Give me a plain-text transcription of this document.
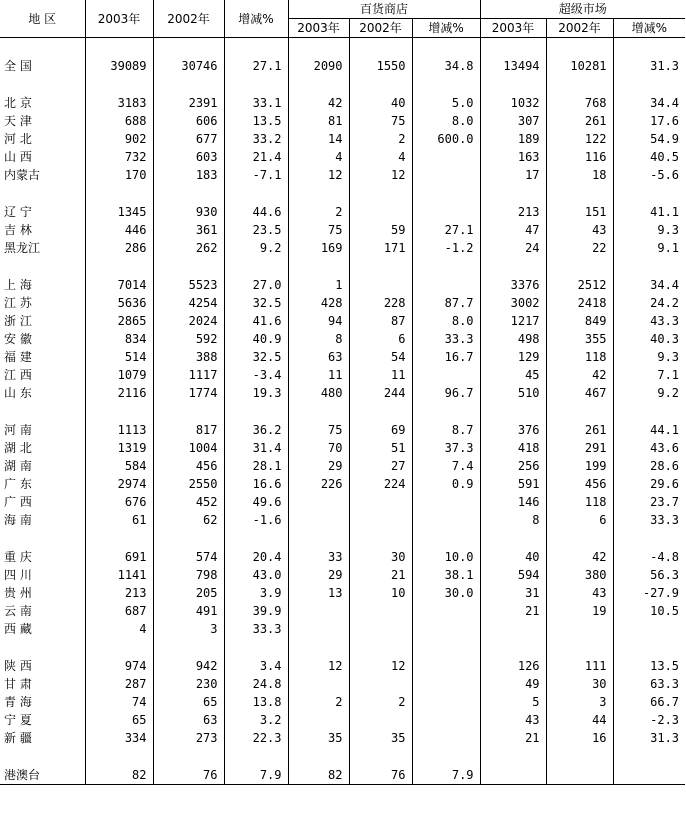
地 区	2003年	2002年	增减%	百货商店			超级市场		
				2003年	2002年	增减%	2003年	2002年	增减%

全 国	39089	30746	27.1	2090	1550	34.8	13494	10281	31.3

北 京	3183	2391	33.1	42	40	5.0	1032	768	34.4
天 津	688	606	13.5	81	75	8.0	307	261	17.6
河 北	902	677	33.2	14	2	600.0	189	122	54.9
山 西	732	603	21.4	4	4		163	116	40.5
内蒙古	170	183	-7.1	12	12		17	18	-5.6

辽 宁	1345	930	44.6	2			213	151	41.1
吉 林	446	361	23.5	75	59	27.1	47	43	9.3
黑龙江	286	262	9.2	169	171	-1.2	24	22	9.1

上 海	7014	5523	27.0	1			3376	2512	34.4
江 苏	5636	4254	32.5	428	228	87.7	3002	2418	24.2
浙 江	2865	2024	41.6	94	87	8.0	1217	849	43.3
安 徽	834	592	40.9	8	6	33.3	498	355	40.3
福 建	514	388	32.5	63	54	16.7	129	118	9.3
江 西	1079	1117	-3.4	11	11		45	42	7.1
山 东	2116	1774	19.3	480	244	96.7	510	467	9.2

河 南	1113	817	36.2	75	69	8.7	376	261	44.1
湖 北	1319	1004	31.4	70	51	37.3	418	291	43.6
湖 南	584	456	28.1	29	27	7.4	256	199	28.6
广 东	2974	2550	16.6	226	224	0.9	591	456	29.6
广 西	676	452	49.6				146	118	23.7
海 南	61	62	-1.6				8	6	33.3

重 庆	691	574	20.4	33	30	10.0	40	42	-4.8
四 川	1141	798	43.0	29	21	38.1	594	380	56.3
贵 州	213	205	3.9	13	10	30.0	31	43	-27.9
云 南	687	491	39.9				21	19	10.5
西 藏	4	3	33.3						

陕 西	974	942	3.4	12	12		126	111	13.5
甘 肃	287	230	24.8				49	30	63.3
青 海	74	65	13.8	2	2		5	3	66.7
宁 夏	65	63	3.2				43	44	-2.3
新 疆	334	273	22.3	35	35		21	16	31.3

港澳台	82	76	7.9	82	76	7.9			
